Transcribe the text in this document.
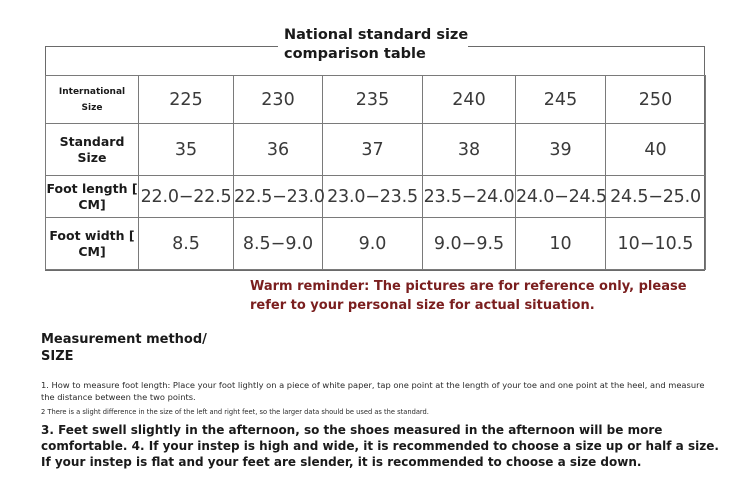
National standard size
comparison table
International
Size	225	230	235	240	245	250
Standard
Size	35	36	37	38	39	40
Foot length [
CM]	22.0−22.5	22.5−23.0	23.0−23.5	23.5−24.0	24.0−24.5	24.5−25.0
Foot width [
CM]	8.5	8.5−9.0	9.0	9.0−9.5	10	10−10.5
Warm reminder: The pictures are for reference only, please refer to your personal size for actual situation.
Measurement method/
SIZE
1. How to measure foot length: Place your foot lightly on a piece of white paper, tap one point at the length of your toe and one point at the heel, and measure the distance between the two points.
2 There is a slight difference in the size of the left and right feet, so the larger data should be used as the standard.
3. Feet swell slightly in the afternoon, so the shoes measured in the afternoon will be more comfortable. 4. If your instep is high and wide, it is recommended to choose a size up or half a size. If your instep is flat and your feet are slender, it is recommended to choose a size down.
